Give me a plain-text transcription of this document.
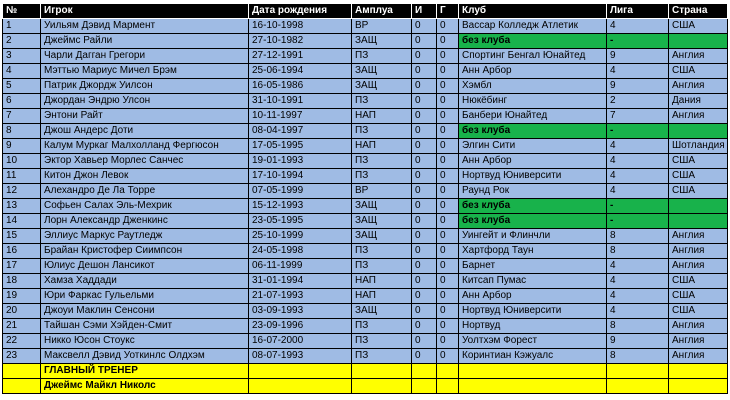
№	Игрок	Дата рождения	Амплуа	И	Г	Клуб	Лига	Страна
1	Уильям Дэвид Мармент	16-10-1998	ВР	0	0	Вассар Колледж Атлетик	4	США
2	Джеймс Райли	27-10-1982	ЗАЩ	0	0	без клуба	-	
3	Чарли Дагган Грегори	27-12-1991	ПЗ	0	0	Спортинг Бенгал Юнайтед	9	Англия
4	Мэттью Мариус Мичел Брэм	25-06-1994	ЗАЩ	0	0	Анн Арбор	4	США
5	Патрик Джордж Уилсон	16-05-1986	ЗАЩ	0	0	Хэмбл	9	Англия
6	Джордан Эндрю Улсон	31-10-1991	ПЗ	0	0	Нюкёбинг	2	Дания
7	Энтони Райт	10-11-1997	НАП	0	0	Банбери Юнайтед	7	Англия
8	Джош Андерс Доти	08-04-1997	ПЗ	0	0	без клуба	-	
9	Калум Муркаг Малхолланд Фергюсон	17-05-1995	НАП	0	0	Элгин Сити	4	Шотландия
10	Эктор Хавьер Морлес Санчес	19-01-1993	ПЗ	0	0	Анн Арбор	4	США
11	Китон Джон Левок	17-10-1994	ПЗ	0	0	Нортвуд Юниверсити	4	США
12	Алехандро Де Ла Торре	07-05-1999	ВР	0	0	Раунд Рок	4	США
13	Софьен Салах Эль-Мехрик	15-12-1993	ЗАЩ	0	0	без клуба	-	
14	Лорн Александр Дженкинс	23-05-1995	ЗАЩ	0	0	без клуба	-	
15	Эллиус Маркус Раутледж	25-10-1999	ЗАЩ	0	0	Уингейт и Флинчли	8	Англия
16	Брайан Кристофер Сиимпсон	24-05-1998	ПЗ	0	0	Хартфорд Таун	8	Англия
17	Юлиус Дешон Лансикот	06-11-1999	ПЗ	0	0	Барнет	4	Англия
18	Хамза Хаддади	31-01-1994	НАП	0	0	Китсап Пумас	4	США
19	Юри Фаркас Гульельми	21-07-1993	НАП	0	0	Анн Арбор	4	США
20	Джоуи Маклин Сенсони	03-09-1993	ЗАЩ	0	0	Нортвуд Юниверсити	4	США
21	Тайшан Сэми Хэйден-Смит	23-09-1996	ПЗ	0	0	Нортвуд	8	Англия
22	Никко Юсон Стоукс	16-07-2000	ПЗ	0	0	Уолтхэм Форест	9	Англия
23	Максвелл Дэвид Уоткинлс Олдхэм	08-07-1993	ПЗ	0	0	Коринтиан Кэжуалс	8	Англия
	ГЛАВНЫЙ ТРЕНЕР							
	Джеймс Майкл Николс							
